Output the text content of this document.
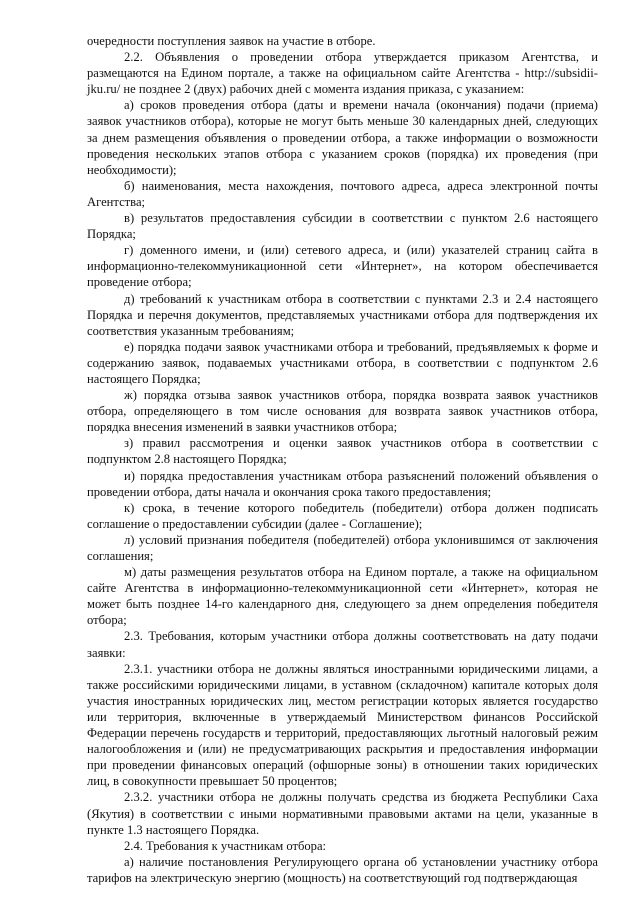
очередности поступления заявок на участие в отборе.

2.2. Объявления о проведении отбора утверждается приказом Агентства, и размещаются на Едином портале, а также на официальном сайте Агентства - http://subsidii-jku.ru/ не позднее 2 (двух) рабочих дней с момента издания приказа, с указанием:

а) сроков проведения отбора (даты и времени начала (окончания) подачи (приема) заявок участников отбора), которые не могут быть меньше 30 календарных дней, следующих за днем размещения объявления о проведении отбора, а также информации о возможности проведения нескольких этапов отбора с указанием сроков (порядка) их проведения (при необходимости);

б) наименования, места нахождения, почтового адреса, адреса электронной почты Агентства;

в) результатов предоставления субсидии в соответствии с пунктом 2.6 настоящего Порядка;

г) доменного имени, и (или) сетевого адреса, и (или) указателей страниц сайта в информационно-телекоммуникационной сети «Интернет», на котором обеспечивается проведение отбора;

д) требований к участникам отбора в соответствии с пунктами 2.3 и 2.4 настоящего Порядка и перечня документов, представляемых участниками отбора для подтверждения их соответствия указанным требованиям;

е) порядка подачи заявок участниками отбора и требований, предъявляемых к форме и содержанию заявок, подаваемых участниками отбора, в соответствии с подпунктом 2.6 настоящего Порядка;

ж) порядка отзыва заявок участников отбора, порядка возврата заявок участников отбора, определяющего в том числе основания для возврата заявок участников отбора, порядка внесения изменений в заявки участников отбора;

з) правил рассмотрения и оценки заявок участников отбора в соответствии с подпунктом 2.8 настоящего Порядка;

и) порядка предоставления участникам отбора разъяснений положений объявления о проведении отбора, даты начала и окончания срока такого предоставления;

к) срока, в течение которого победитель (победители) отбора должен подписать соглашение о предоставлении субсидии (далее - Соглашение);

л) условий признания победителя (победителей) отбора уклонившимся от заключения соглашения;

м) даты размещения результатов отбора на Едином портале, а также на официальном сайте Агентства в информационно-телекоммуникационной сети «Интернет», которая не может быть позднее 14-го календарного дня, следующего за днем определения победителя отбора;

2.3. Требования, которым участники отбора должны соответствовать на дату подачи заявки:

2.3.1. участники отбора не должны являться иностранными юридическими лицами, а также российскими юридическими лицами, в уставном (складочном) капитале которых доля участия иностранных юридических лиц, местом регистрации которых является государство или территория, включенные в утверждаемый Министерством финансов Российской Федерации перечень государств и территорий, предоставляющих льготный налоговый режим налогообложения и (или) не предусматривающих раскрытия и предоставления информации при проведении финансовых операций (офшорные зоны) в отношении таких юридических лиц, в совокупности превышает 50 процентов;

2.3.2. участники отбора не должны получать средства из бюджета Республики Саха (Якутия) в соответствии с иными нормативными правовыми актами на цели, указанные в пункте 1.3 настоящего Порядка.

2.4. Требования к участникам отбора:

а) наличие постановления Регулирующего органа об установлении участнику отбора тарифов на электрическую энергию (мощность) на соответствующий год подтверждающая
